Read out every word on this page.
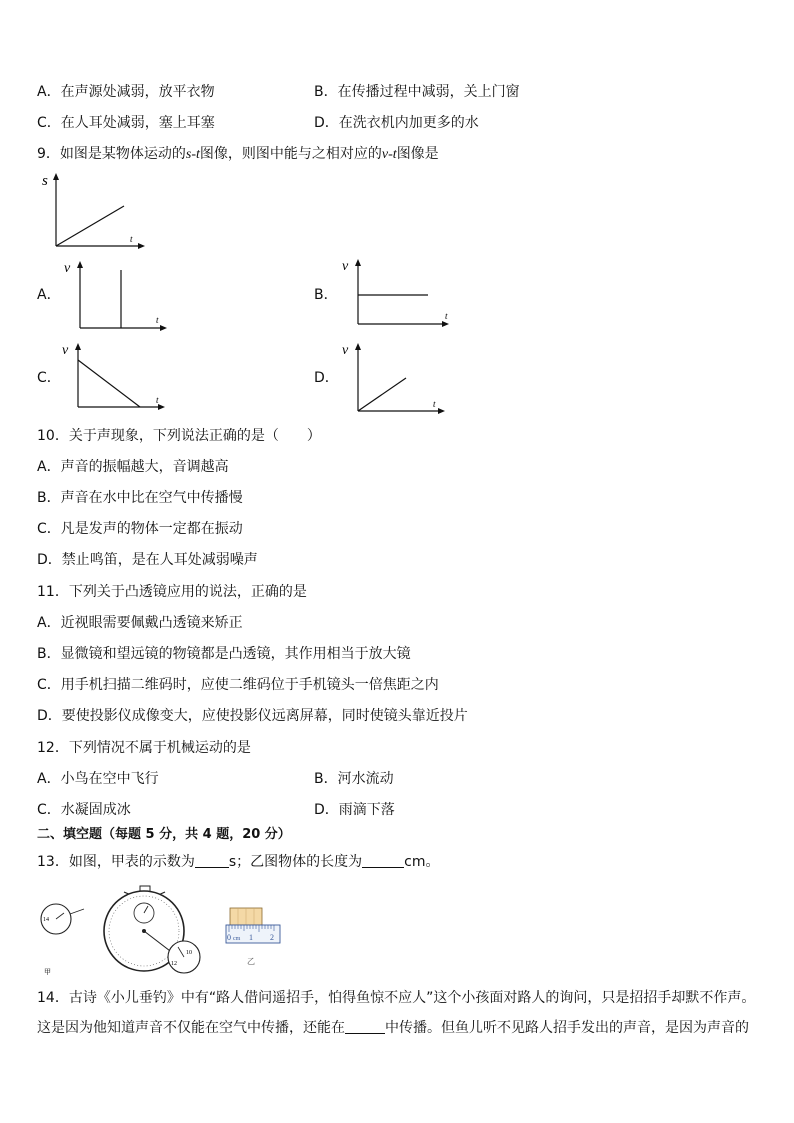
A．在声源处减弱，放平衣物	B．在传播过程中减弱，关上门窗
C．在人耳处减弱，塞上耳塞	D．在洗衣机内加更多的水
9．如图是某物体运动的s-t图像，则图中能与之相对应的v-t图像是
s
t
A．
v
t
B．
v
t
C．
v
t
D．
v
t
10．关于声现象，下列说法正确的是（　　）
A．声音的振幅越大，音调越高
B．声音在水中比在空气中传播慢
C．凡是发声的物体一定都在振动
D．禁止鸣笛，是在人耳处减弱噪声
11．下列关于凸透镜应用的说法，正确的是
A．近视眼需要佩戴凸透镜来矫正
B．显微镜和望远镜的物镜都是凸透镜，其作用相当于放大镜
C．用手机扫描二维码时，应使二维码位于手机镜头一倍焦距之内
D．要使投影仪成像变大，应使投影仪远离屏幕，同时使镜头靠近投片
12．下列情况不属于机械运动的是
A．小鸟在空中飞行	B．河水流动
C．水凝固成冰	D．雨滴下落
二、填空题（每题 5 分，共 4 题，20 分）
13．如图，甲表的示数为 s；乙图物体的长度为	cm。
14
10
12
甲
0 cm 1 2
乙
14．古诗《小儿垂钓》中有“路人借问遥招手，怕得鱼惊不应人”这个小孩面对路人的询问，只是招招手却默不作声。
这是因为他知道声音不仅能在空气中传播，还能在	中传播。但鱼儿听不见路人招手发出的声音，是因为声音的
